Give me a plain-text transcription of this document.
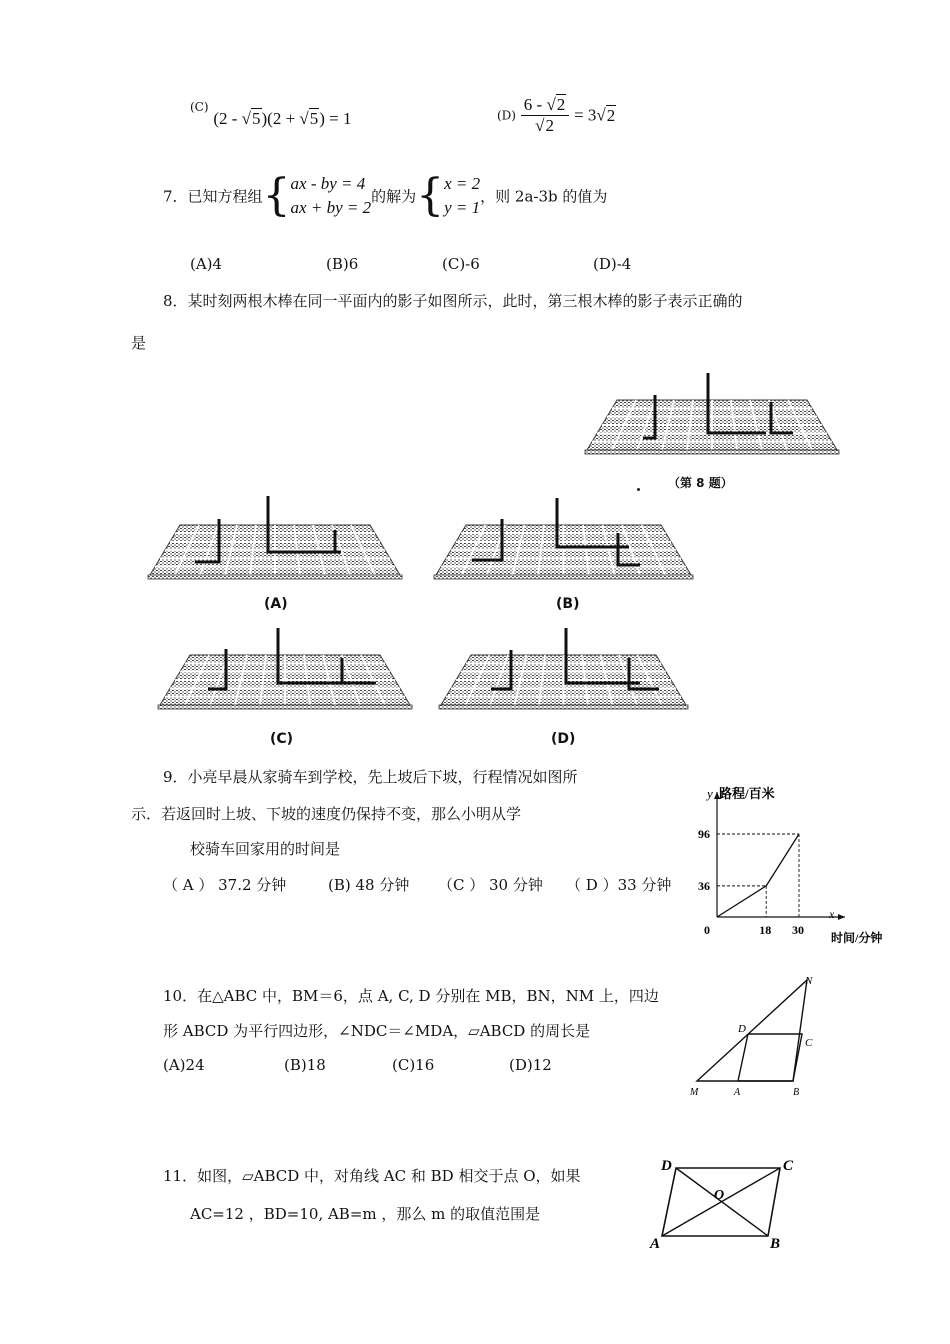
$^{(C)}$ (2 - √5)(2 + √5) = 1	$(D) \frac{6 - √2}{√2} = 3√2$
7．已知方程组{ ax - by = 4
ax + by = 2
的解为{ x = 2
y = 1
，则 2a-3b 的值为
(A)4	(B)6	(C)-6	(D)-4
8．某时刻两根木棒在同一平面内的影子如图所示，此时，第三根木棒的影子表示正确的
是
（第 8 题）
(A)	(B)
(C)	(D)
9．小亮早晨从家骑车到学校，先上坡后下坡，行程情况如图所
示．若返回时上坡、下坡的速度仍保持不变，那么小明从学
校骑车回家用的时间是
（ A ） 37.2 分钟	(B) 48 分钟 （C ） 30 分钟 （ D ）33 分钟
y 路程/百米
x
时间/分钟
0
96
36
18 30
10．在△ABC 中，BM＝6，点 A, C, D 分别在 MB，BN，NM 上，四边
形 ABCD 为平行四边形，∠NDC＝∠MDA，▱ABCD 的周长是
(A)24	(B)18	(C)16	(D)12
N
D
C
M	A	B
11．如图，▱ABCD 中，对角线 AC 和 BD 相交于点 O，如果
AC=12 ，BD=10, AB=m ，那么 m 的取值范围是
D	C
O
A	B
